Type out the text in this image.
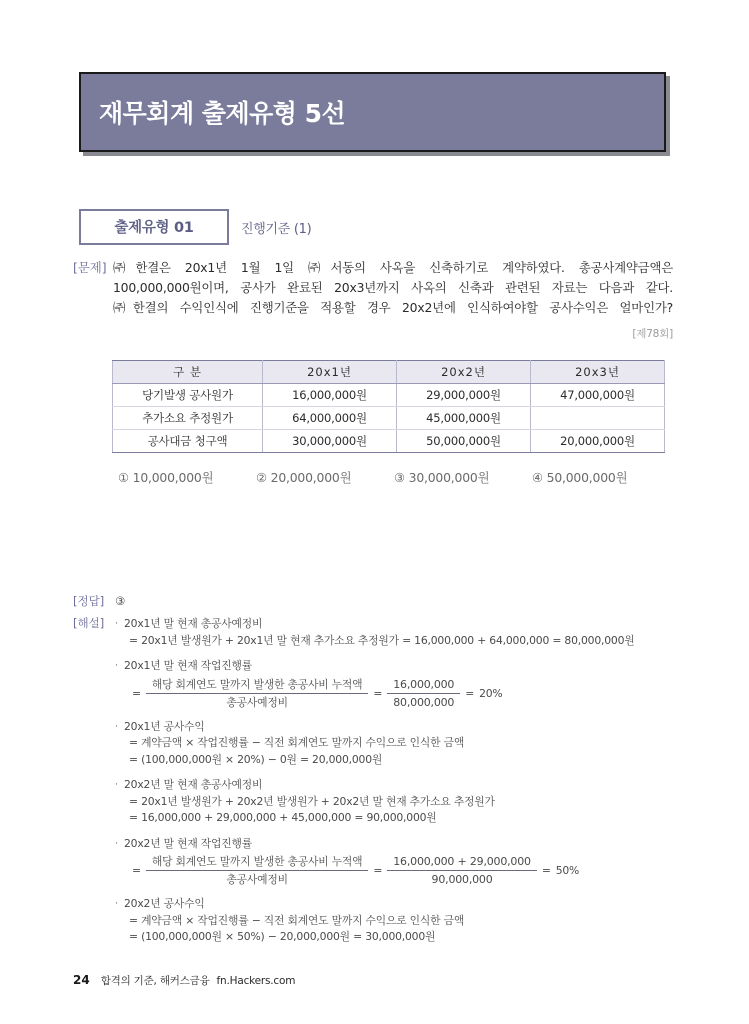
재무회계 출제유형 5선
출제유형 01	진행기준 (1)
[문제] ㈜한결은 20x1년 1월 1일 ㈜서동의 사옥을 신축하기로 계약하였다. 총공사계약금액은

100,000,000원이며, 공사가 완료된 20x3년까지 사옥의 신축과 관련된 자료는 다음과 같다.

㈜한결의 수익인식에 진행기준을 적용할 경우 20x2년에 인식하여야할 공사수익은 얼마인가?

[제78회]
구 분	20x1년	20x2년	20x3년
당기발생 공사원가	16,000,000원	29,000,000원	47,000,000원
추가소요 추정원가	64,000,000원	45,000,000원	
공사대금 청구액	30,000,000원	50,000,000원	20,000,000원
① 10,000,000원	② 20,000,000원	③ 30,000,000원	④ 50,000,000원
[정답] ③
[해설]	· 20x1년 말 현재 총공사예정비
= 20x1년 발생원가 + 20x1년 말 현재 추가소요 추정원가 = 16,000,000 + 64,000,000 = 80,000,000원
· 20x1년 말 현재 작업진행률
= $\frac{\text{해당 회계연도 말까지 발생한 총공사비 누적액}}{\text{총공사예정비}} = \frac{16,000,000}{80,000,000} = 20\%$
· 20x1년 공사수익
= 계약금액 × 작업진행률 − 직전 회계연도 말까지 수익으로 인식한 금액
= (100,000,000원 × 20%) − 0원 = 20,000,000원
· 20x2년 말 현재 총공사예정비
= 20x1년 발생원가 + 20x2년 발생원가 + 20x2년 말 현재 추가소요 추정원가
= 16,000,000 + 29,000,000 + 45,000,000 = 90,000,000원
· 20x2년 말 현재 작업진행률
= $\frac{\text{해당 회계연도 말까지 발생한 총공사비 누적액}}{\text{총공사예정비}} = \frac{16,000,000 + 29,000,000}{90,000,000} = 50\%$
· 20x2년 공사수익
= 계약금액 × 작업진행률 − 직전 회계연도 말까지 수익으로 인식한 금액
= (100,000,000원 × 50%) − 20,000,000원 = 30,000,000원
24 합격의 기준, 해커스금융 fn.Hackers.com
